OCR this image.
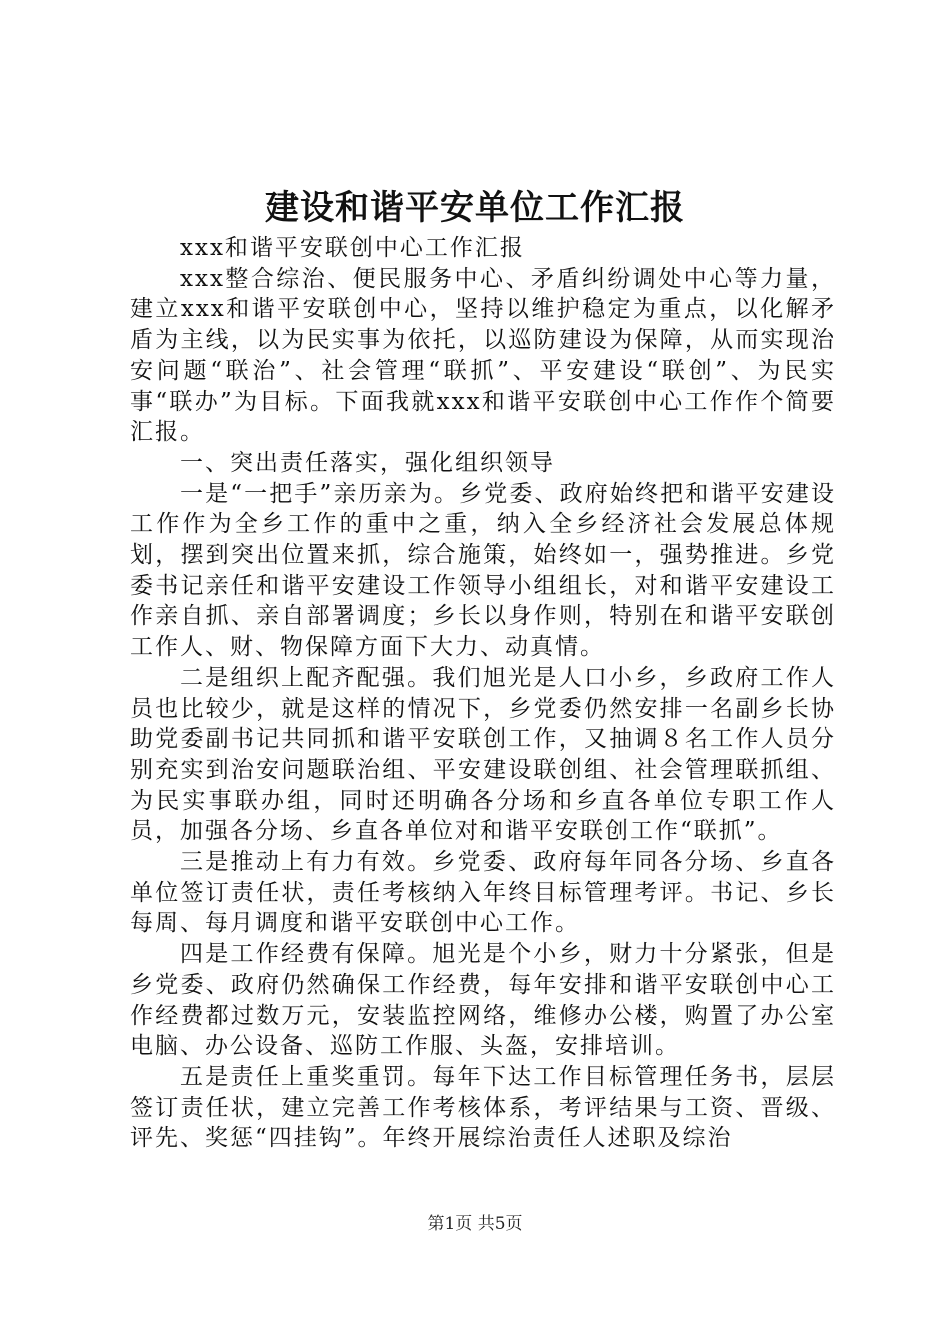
建设和谐平安单位工作汇报

xxx和谐平安联创中心工作汇报

xxx整合综治、便民服务中心、矛盾纠纷调处中心等力量，建立xxx和谐平安联创中心，坚持以维护稳定为重点，以化解矛盾为主线，以为民实事为依托，以巡防建设为保障，从而实现治安问题“联治”、社会管理“联抓”、平安建设“联创”、为民实事“联办”为目标。下面我就xxx和谐平安联创中心工作作个简要汇报。

一、突出责任落实，强化组织领导

一是“一把手”亲历亲为。乡党委、政府始终把和谐平安建设工作作为全乡工作的重中之重，纳入全乡经济社会发展总体规划，摆到突出位置来抓，综合施策，始终如一，强势推进。乡党委书记亲任和谐平安建设工作领导小组组长，对和谐平安建设工作亲自抓、亲自部署调度；乡长以身作则，特别在和谐平安联创工作人、财、物保障方面下大力、动真情。

二是组织上配齐配强。我们旭光是人口小乡，乡政府工作人员也比较少，就是这样的情况下，乡党委仍然安排一名副乡长协助党委副书记共同抓和谐平安联创工作，又抽调８名工作人员分别充实到治安问题联治组、平安建设联创组、社会管理联抓组、为民实事联办组，同时还明确各分场和乡直各单位专职工作人员，加强各分场、乡直各单位对和谐平安联创工作“联抓”。

三是推动上有力有效。乡党委、政府每年同各分场、乡直各单位签订责任状，责任考核纳入年终目标管理考评。书记、乡长每周、每月调度和谐平安联创中心工作。

四是工作经费有保障。旭光是个小乡，财力十分紧张，但是乡党委、政府仍然确保工作经费，每年安排和谐平安联创中心工作经费都过数万元，安装监控网络，维修办公楼，购置了办公室电脑、办公设备、巡防工作服、头盔，安排培训。

五是责任上重奖重罚。每年下达工作目标管理任务书，层层签订责任状，建立完善工作考核体系，考评结果与工资、晋级、评先、奖惩“四挂钩”。年终开展综治责任人述职及综治

第1页 共5页
